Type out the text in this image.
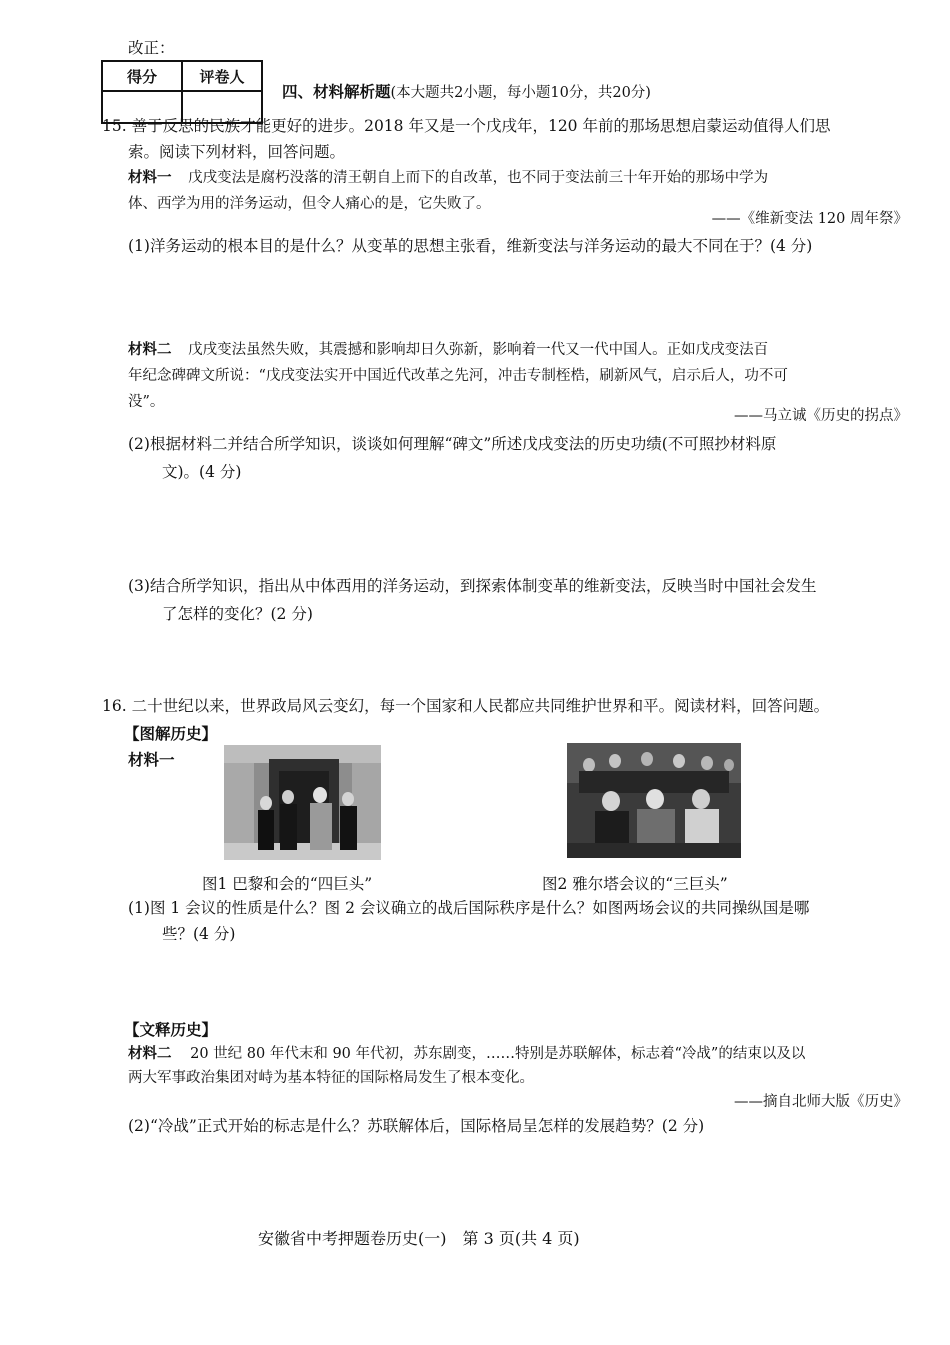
改正：
得分	评卷人

四、材料解析题(本大题共2小题，每小题10分，共20分)
15. 善于反思的民族才能更好的进步。2018 年又是一个戊戌年，120 年前的那场思想启蒙运动值得人们思
索。阅读下列材料，回答问题。
材料一 戊戌变法是腐朽没落的清王朝自上而下的自改革，也不同于变法前三十年开始的那场中学为
体、西学为用的洋务运动，但令人痛心的是，它失败了。
——《维新变法 120 周年祭》
(1)洋务运动的根本目的是什么？从变革的思想主张看，维新变法与洋务运动的最大不同在于？(4 分)
材料二 戊戌变法虽然失败，其震撼和影响却日久弥新，影响着一代又一代中国人。正如戊戌变法百
年纪念碑碑文所说：“戊戌变法实开中国近代改革之先河，冲击专制桎梏，刷新风气，启示后人，功不可
没”。
——马立诚《历史的拐点》
(2)根据材料二并结合所学知识，谈谈如何理解“碑文”所述戊戌变法的历史功绩(不可照抄材料原
文)。(4 分)
(3)结合所学知识，指出从中体西用的洋务运动，到探索体制变革的维新变法，反映当时中国社会发生
了怎样的变化？(2 分)
16. 二十世纪以来，世界政局风云变幻，每一个国家和人民都应共同维护世界和平。阅读材料，回答问题。
【图解历史】
材料一
图1 巴黎和会的“四巨头”	图2 雅尔塔会议的“三巨头”
(1)图 1 会议的性质是什么？图 2 会议确立的战后国际秩序是什么？如图两场会议的共同操纵国是哪
些？(4 分)
【文释历史】
材料二 20 世纪 80 年代末和 90 年代初，苏东剧变，……特别是苏联解体，标志着“冷战”的结束以及以
两大军事政治集团对峙为基本特征的国际格局发生了根本变化。
——摘自北师大版《历史》
(2)“冷战”正式开始的标志是什么？苏联解体后，国际格局呈怎样的发展趋势？(2 分)
安徽省中考押题卷历史(一)　第 3 页(共 4 页)
